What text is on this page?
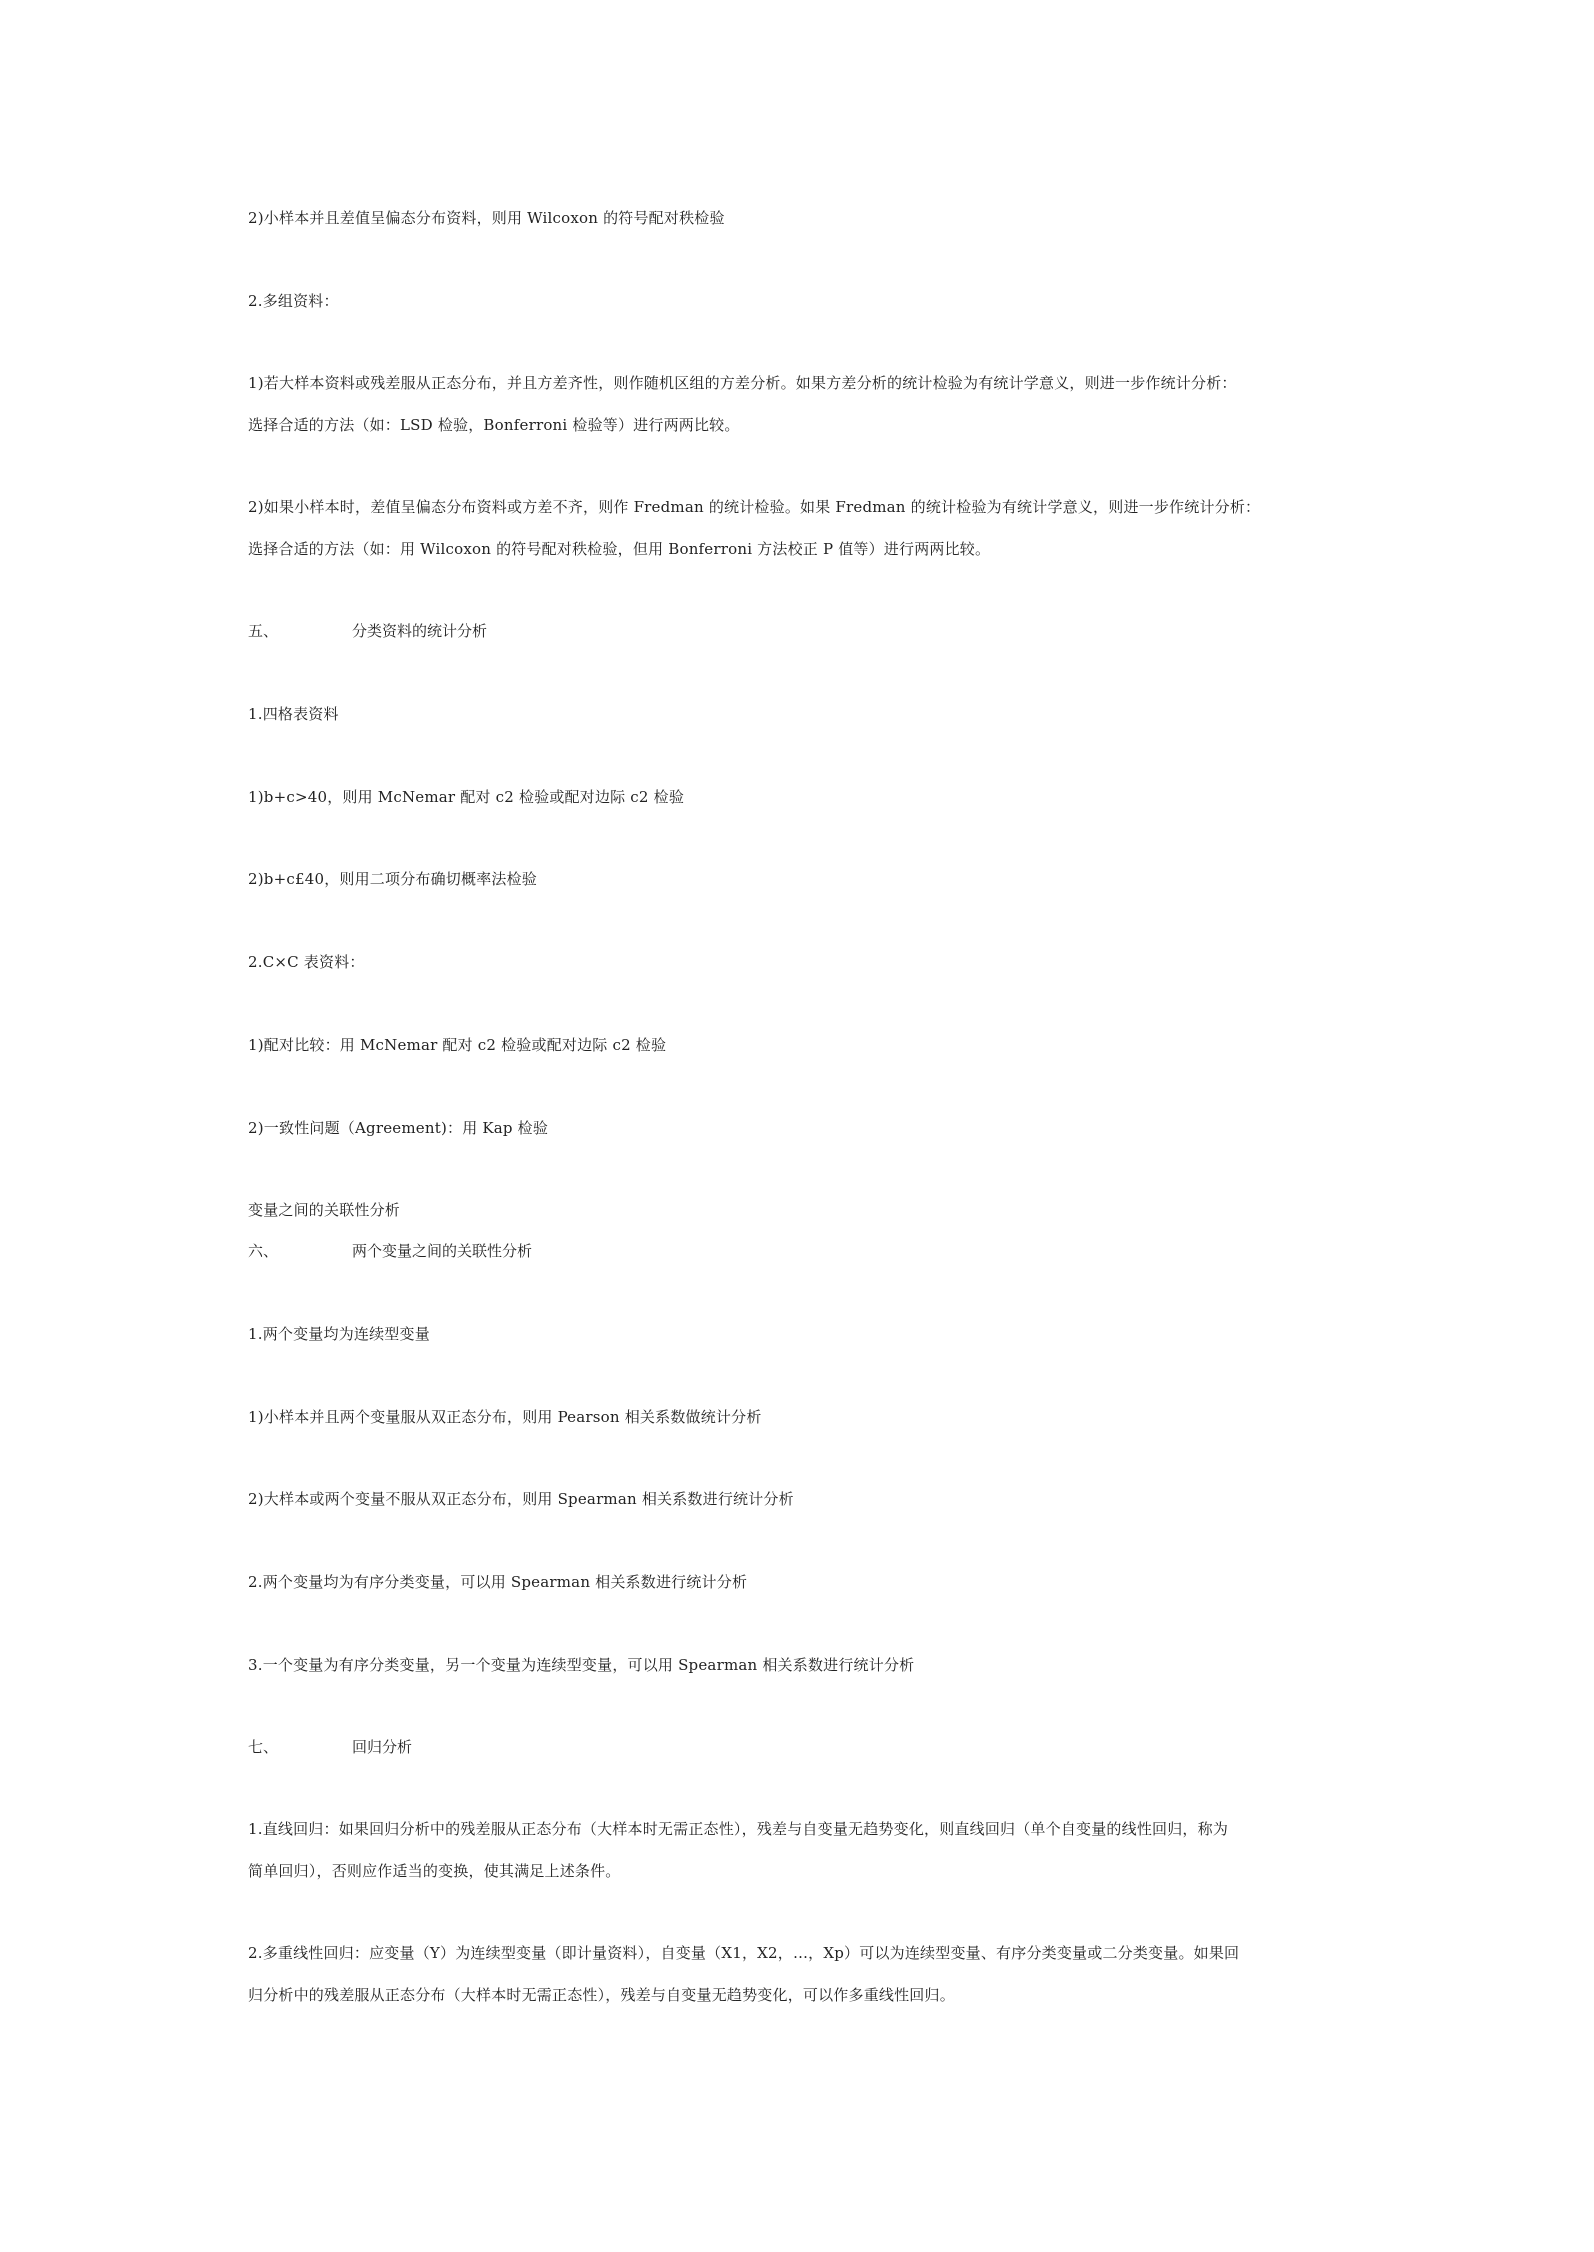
2)小样本并且差值呈偏态分布资料，则用 Wilcoxon 的符号配对秩检验
2.多组资料：
1)若大样本资料或残差服从正态分布，并且方差齐性，则作随机区组的方差分析。如果方差分析的统计检验为有统计学意义，则进一步作统计分析：
选择合适的方法（如：LSD 检验，Bonferroni 检验等）进行两两比较。
2)如果小样本时，差值呈偏态分布资料或方差不齐，则作 Fredman 的统计检验。如果 Fredman 的统计检验为有统计学意义，则进一步作统计分析：
选择合适的方法（如：用 Wilcoxon 的符号配对秩检验，但用 Bonferroni 方法校正 P 值等）进行两两比较。
五、	分类资料的统计分析
1.四格表资料
1)b+c>40，则用 McNemar 配对 c2 检验或配对边际 c2 检验
2)b+c£40，则用二项分布确切概率法检验
2.C×C 表资料：
1)配对比较：用 McNemar 配对 c2 检验或配对边际 c2 检验
2)一致性问题（Agreement)：用 Kap 检验
变量之间的关联性分析
六、	两个变量之间的关联性分析
1.两个变量均为连续型变量
1)小样本并且两个变量服从双正态分布，则用 Pearson 相关系数做统计分析
2)大样本或两个变量不服从双正态分布，则用 Spearman 相关系数进行统计分析
2.两个变量均为有序分类变量，可以用 Spearman 相关系数进行统计分析
3.一个变量为有序分类变量，另一个变量为连续型变量，可以用 Spearman 相关系数进行统计分析
七、	回归分析
1.直线回归：如果回归分析中的残差服从正态分布（大样本时无需正态性），残差与自变量无趋势变化，则直线回归（单个自变量的线性回归，称为
简单回归），否则应作适当的变换，使其满足上述条件。
2.多重线性回归：应变量（Y）为连续型变量（即计量资料），自变量（X1，X2，…，Xp）可以为连续型变量、有序分类变量或二分类变量。如果回
归分析中的残差服从正态分布（大样本时无需正态性），残差与自变量无趋势变化，可以作多重线性回归。
